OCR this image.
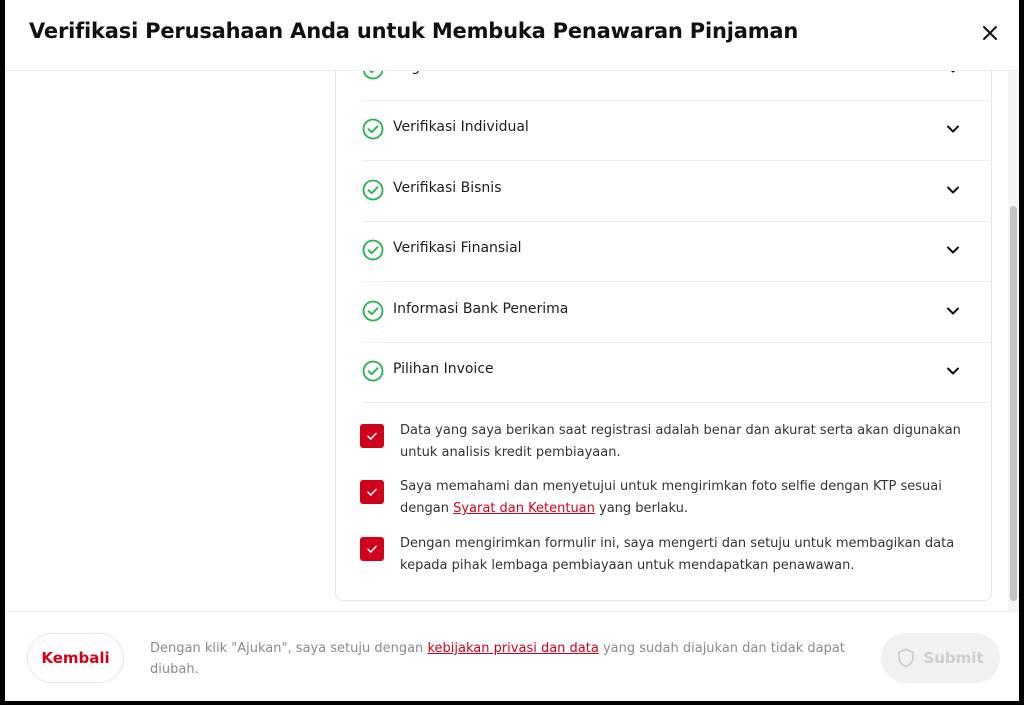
Verifikasi Perusahaan Anda untuk Membuka Penawaran Pinjaman
Verifikasi Individual
Verifikasi Bisnis
Verifikasi Finansial
Informasi Bank Penerima
Pilihan Invoice
Data yang saya berikan saat registrasi adalah benar dan akurat serta akan digunakan untuk analisis kredit pembiayaan.
Saya memahami dan menyetujui untuk mengirimkan foto selfie dengan KTP sesuai dengan Syarat dan Ketentuan yang berlaku.
Dengan mengirimkan formulir ini, saya mengerti dan setuju untuk membagikan data kepada pihak lembaga pembiayaan untuk mendapatkan penawawan.
Kembali
Dengan klik "Ajukan", saya setuju dengan kebijakan privasi dan data yang sudah diajukan dan tidak dapat diubah.
Submit
